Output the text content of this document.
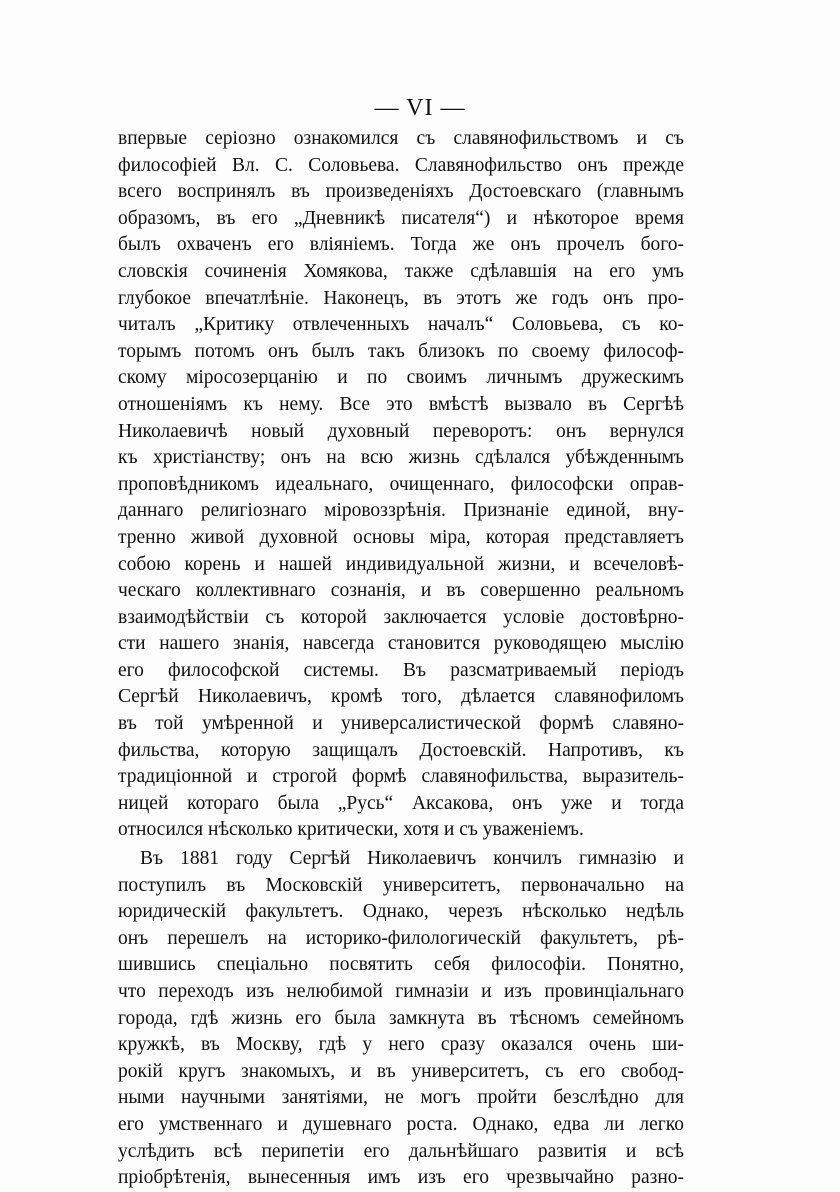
— VI —
впервые серіозно ознакомился съ славянофильствомъ и съ
философіей Вл. С. Соловьева. Славянофильство онъ прежде
всего воспринялъ въ произведеніяхъ Достоевскаго (главнымъ
образомъ, въ его „Дневникѣ писателя“) и нѣкоторое время
былъ охваченъ его вліяніемъ. Тогда же онъ прочелъ бого-
словскія сочиненія Хомякова, также сдѣлавшія на его умъ
глубокое впечатлѣніе. Наконецъ, въ этотъ же годъ онъ про-
читалъ „Критику отвлеченныхъ началъ“ Соловьева, съ ко-
торымъ потомъ онъ былъ такъ близокъ по своему философ-
скому міросозерцанію и по своимъ личнымъ дружескимъ
отношеніямъ къ нему. Все это вмѣстѣ вызвало въ Сергѣѣ
Николаевичѣ новый духовный переворотъ: онъ вернулся
къ христіанству; онъ на всю жизнь сдѣлался убѣжденнымъ
проповѣдникомъ идеальнаго, очищеннаго, философски оправ-
даннаго религіознаго міровоззрѣнія. Признаніе единой, вну-
тренно живой духовной основы міра, которая представляетъ
собою корень и нашей индивидуальной жизни, и всечеловѣ-
ческаго коллективнаго сознанія, и въ совершенно реальномъ
взаимодѣйствіи съ которой заключается условіе достовѣрно-
сти нашего знанія, навсегда становится руководящею мыслію
его философской системы. Въ разсматриваемый періодъ
Сергѣй Николаевичъ, кромѣ того, дѣлается славянофиломъ
въ той умѣренной и универсалистической формѣ славяно-
фильства, которую защищалъ Достоевскій. Напротивъ, къ
традиціонной и строгой формѣ славянофильства, выразитель-
ницей котораго была „Русь“ Аксакова, онъ уже и тогда
относился нѣсколько критически, хотя и съ уваженіемъ.
Въ 1881 году Сергѣй Николаевичъ кончилъ гимназію и
поступилъ въ Московскій университетъ, первоначально на
юридическій факультетъ. Однако, черезъ нѣсколько недѣль
онъ перешелъ на историко-филологическій факультетъ, рѣ-
шившись спеціально посвятить себя философіи. Понятно,
что переходъ изъ нелюбимой гимназіи и изъ провинціальнаго
города, гдѣ жизнь его была замкнута въ тѣсномъ семейномъ
кружкѣ, въ Москву, гдѣ у него сразу оказался очень ши-
рокій кругъ знакомыхъ, и въ университетъ, съ его свобод-
ными научными занятіями, не могъ пройти безслѣдно для
его умственнаго и душевнаго роста. Однако, едва ли легко
услѣдить всѣ перипетіи его дальнѣйшаго развитія и всѣ
пріобрѣтенія, вынесенныя имъ изъ его чрезвычайно разно-
